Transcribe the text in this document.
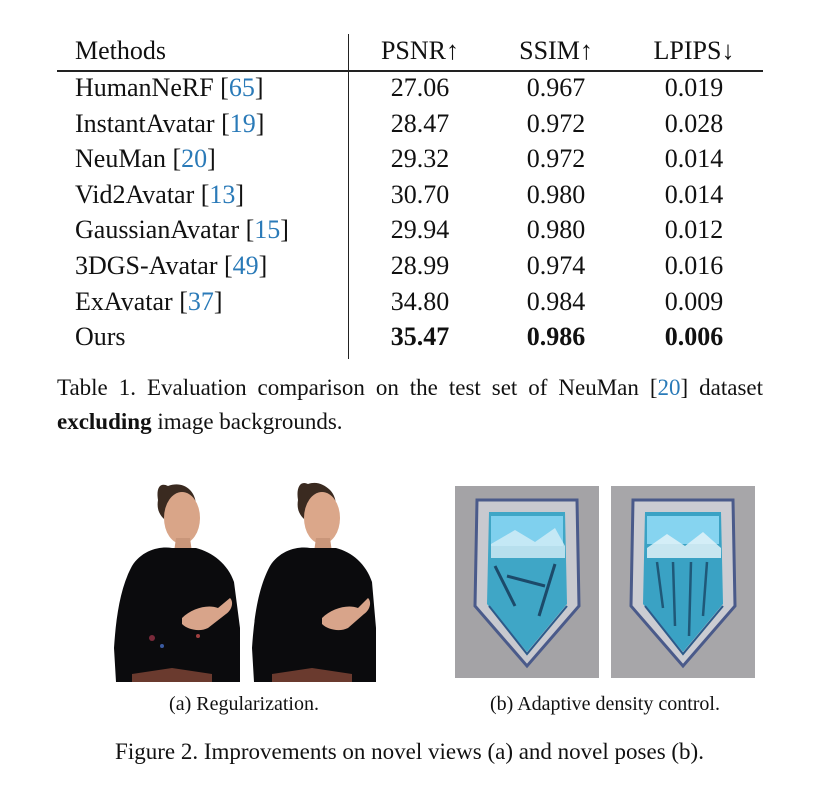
Methods	PSNR↑	SSIM↑	LPIPS↓
HumanNeRF [65]	27.06	0.967	0.019
InstantAvatar [19]	28.47	0.972	0.028
NeuMan [20]	29.32	0.972	0.014
Vid2Avatar [13]	30.70	0.980	0.014
GaussianAvatar [15]	29.94	0.980	0.012
3DGS-Avatar [49]	28.99	0.974	0.016
ExAvatar [37]	34.80	0.984	0.009
Ours	35.47	0.986	0.006
Table 1. Evaluation comparison on the test set of NeuMan [20] dataset excluding image backgrounds.
(a) Regularization.	(b) Adaptive density control.
Figure 2. Improvements on novel views (a) and novel poses (b).
